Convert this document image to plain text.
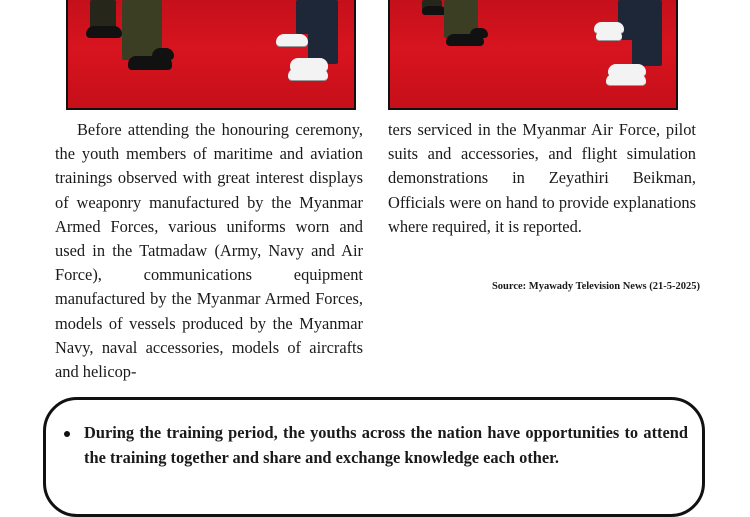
Before attending the honouring ceremony, the youth members of maritime and aviation trainings observed with great interest displays of weaponry manufactured by the Myanmar Armed Forces, various uniforms worn and used in the Tatmadaw (Army, Navy and Air Force), communications equipment manufactured by the Myanmar Armed Forces, models of vessels produced by the Myanmar Navy, naval accessories, models of aircrafts and helicop-

ters serviced in the Myanmar Air Force, pilot suits and accessories, and flight simulation demonstrations in Zeyathiri Beikman, Officials were on hand to provide explanations where required, it is reported.

Source: Myawady Television News (21-5-2025)
During the training period, the youths across the nation have opportunities to attend the training together and share and exchange knowledge each other.
